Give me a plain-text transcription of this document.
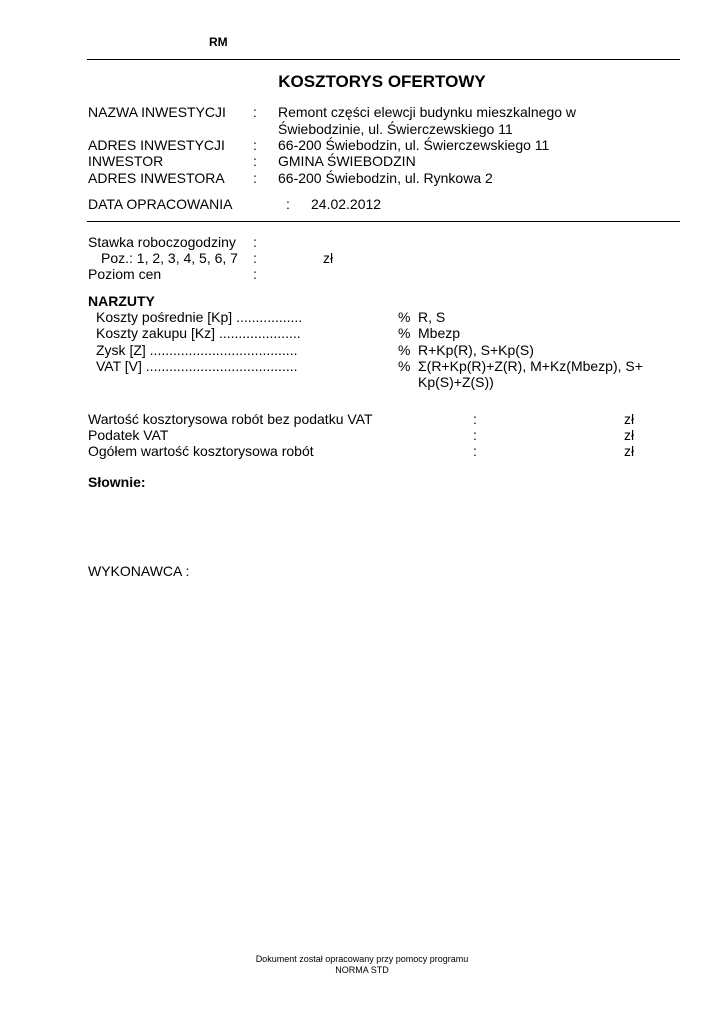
RM
KOSZTORYS OFERTOWY
NAZWA INWESTYCJI : Remont części elewcji budynku mieszkalnego w
Świebodzinie, ul. Świerczewskiego 11
ADRES INWESTYCJI : 66-200 Świebodzin, ul. Świerczewskiego 11
INWESTOR	: GMINA ŚWIEBODZIN
ADRES INWESTORA : 66-200 Świebodzin, ul. Rynkowa 2
DATA OPRACOWANIA	: 24.02.2012
Stawka roboczogodziny :
Poz.: 1, 2, 3, 4, 5, 6, 7 :	zł
Poziom cen	:
NARZUTY
Koszty pośrednie [Kp] .................	% R, S
Koszty zakupu [Kz] .....................	% Mbezp
Zysk [Z] ......................................	% R+Kp(R), S+Kp(S)
VAT [V] .......................................	% Σ(R+Kp(R)+Z(R), M+Kz(Mbezp), S+
Kp(S)+Z(S))
Wartość kosztorysowa robót bez podatku VAT	:	zł
Podatek VAT	:	zł
Ogółem wartość kosztorysowa robót	:	zł
Słownie:
WYKONAWCA :
Dokument został opracowany przy pomocy programu
NORMA STD
